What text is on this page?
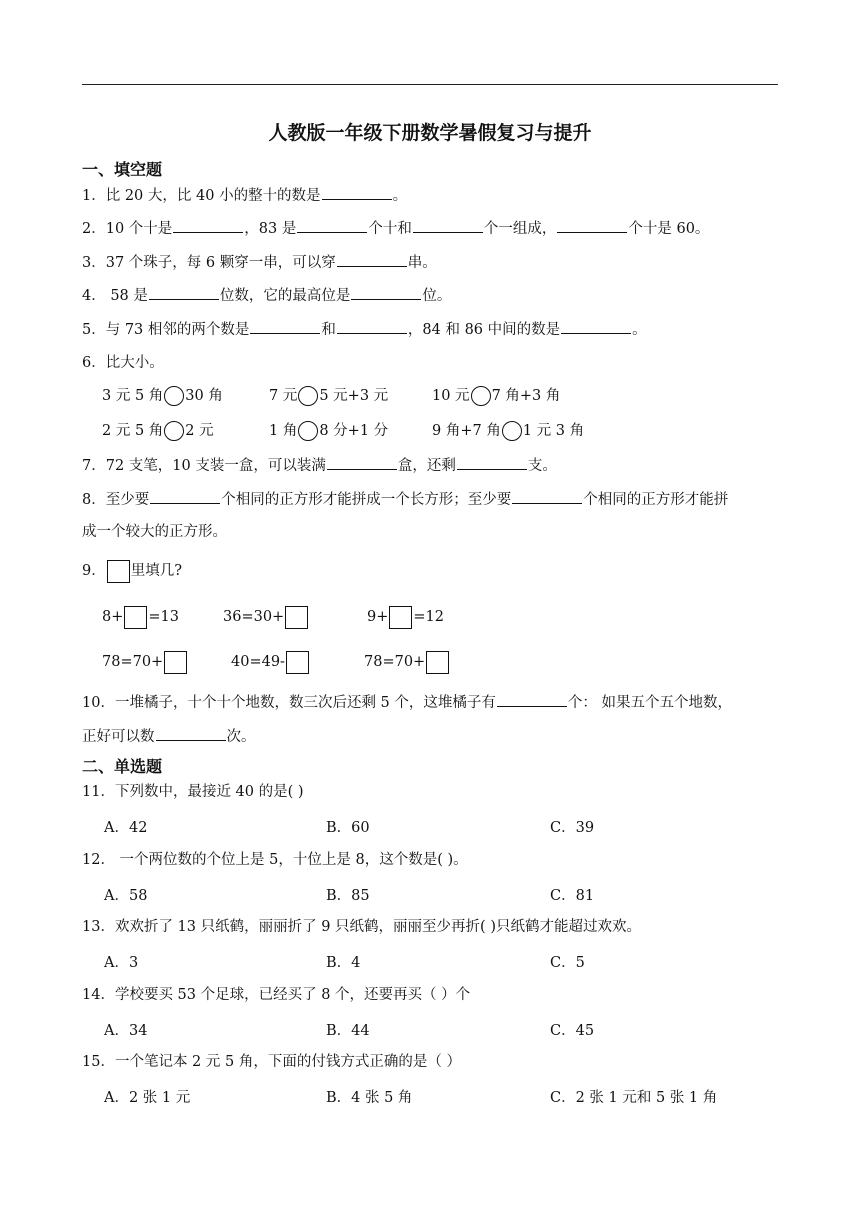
人教版一年级下册数学暑假复习与提升
一、填空题
1．比 20 大，比 40 小的整十的数是	。
2．10 个十是	，83 是	个十和	个一组成，	个十是 60。
3．37 个珠子，每 6 颗穿一串，可以穿	串。
4． 58 是	位数，它的最高位是	位。
5．与 73 相邻的两个数是	和	，84 和 86 中间的数是	。
6．比大小。
3 元 5 角 30 角	7 元 5 元+3 元	10 元 7 角+3 角
2 元 5 角 2 元	1 角 8 分+1 分	9 角+7 角 1 元 3 角
7．72 支笔，10 支装一盒，可以装满	盒，还剩	支。
8．至少要	个相同的正方形才能拼成一个长方形；至少要	个相同的正方形才能拼
成一个较大的正方形。
9． 里填几?
8+ =13	36=30+	9+ =12
78=70+	40=49-	78=70+
10．一堆橘子，十个十个地数，数三次后还剩 5 个，这堆橘子有	个： 如果五个五个地数，
正好可以数	次。
二、单选题
11．下列数中，最接近 40 的是( )
A．42	B．60	C．39
12． 一个两位数的个位上是 5，十位上是 8，这个数是( )。
A．58	B．85	C．81
13．欢欢折了 13 只纸鹤，丽丽折了 9 只纸鹤，丽丽至少再折( )只纸鹤才能超过欢欢。
A．3	B．4	C．5
14．学校要买 53 个足球，已经买了 8 个，还要再买（ ）个
A．34	B．44	C．45
15．一个笔记本 2 元 5 角，下面的付钱方式正确的是（ ）
A．2 张 1 元	B．4 张 5 角	C．2 张 1 元和 5 张 1 角
